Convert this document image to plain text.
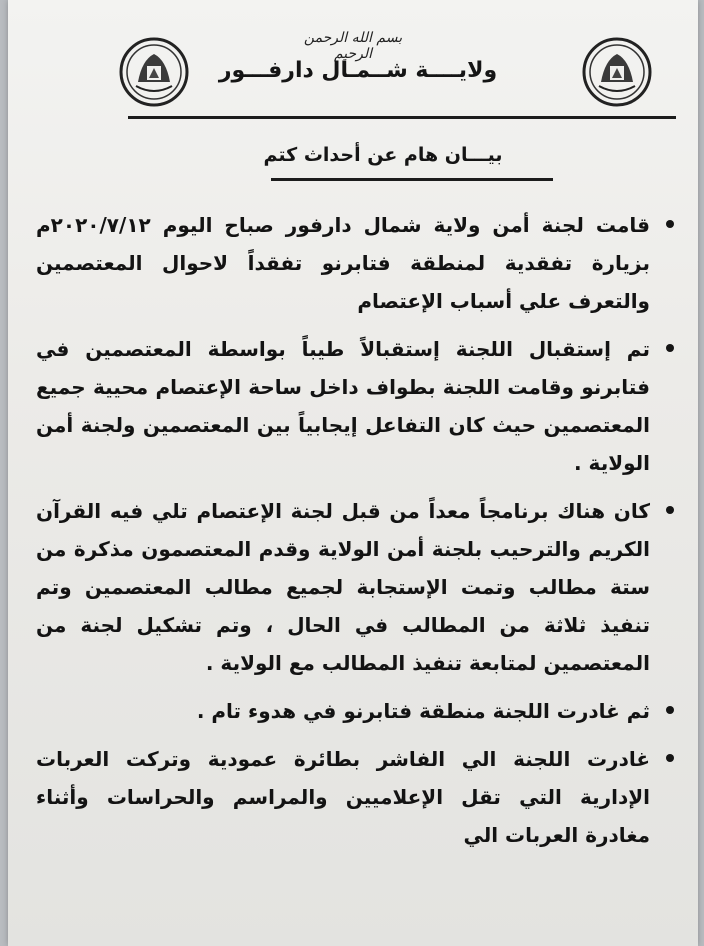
بسم الله الرحمن الرحيم
ولايــــة شــمـال دارفـــور
بيـــان هام عن أحداث كتم
قامت لجنة أمن ولاية شمال دارفور صباح اليوم ٢٠٢٠/٧/١٢م بزيارة تفقدية لمنطقة فتابرنو تفقداً لاحوال المعتصمين والتعرف علي أسباب الإعتصام
تم إستقبال اللجنة إستقبالاً طيباً بواسطة المعتصمين في فتابرنو وقامت اللجنة بطواف داخل ساحة الإعتصام محيية جميع المعتصمين حيث كان التفاعل إيجابياً بين المعتصمين ولجنة أمن الولاية .
كان هناك برنامجاً معداً من قبل لجنة الإعتصام تلي فيه القرآن الكريم والترحيب بلجنة أمن الولاية وقدم المعتصمون مذكرة من ستة مطالب وتمت الإستجابة لجميع مطالب المعتصمين وتم تنفيذ ثلاثة من المطالب في الحال ، وتم تشكيل لجنة من المعتصمين لمتابعة تنفيذ المطالب مع الولاية .
ثم غادرت اللجنة منطقة فتابرنو في هدوء تام .
غادرت اللجنة الي الفاشر بطائرة عمودية وتركت العربات الإدارية التي تقل الإعلاميين والمراسم والحراسات وأثناء مغادرة العربات الي
